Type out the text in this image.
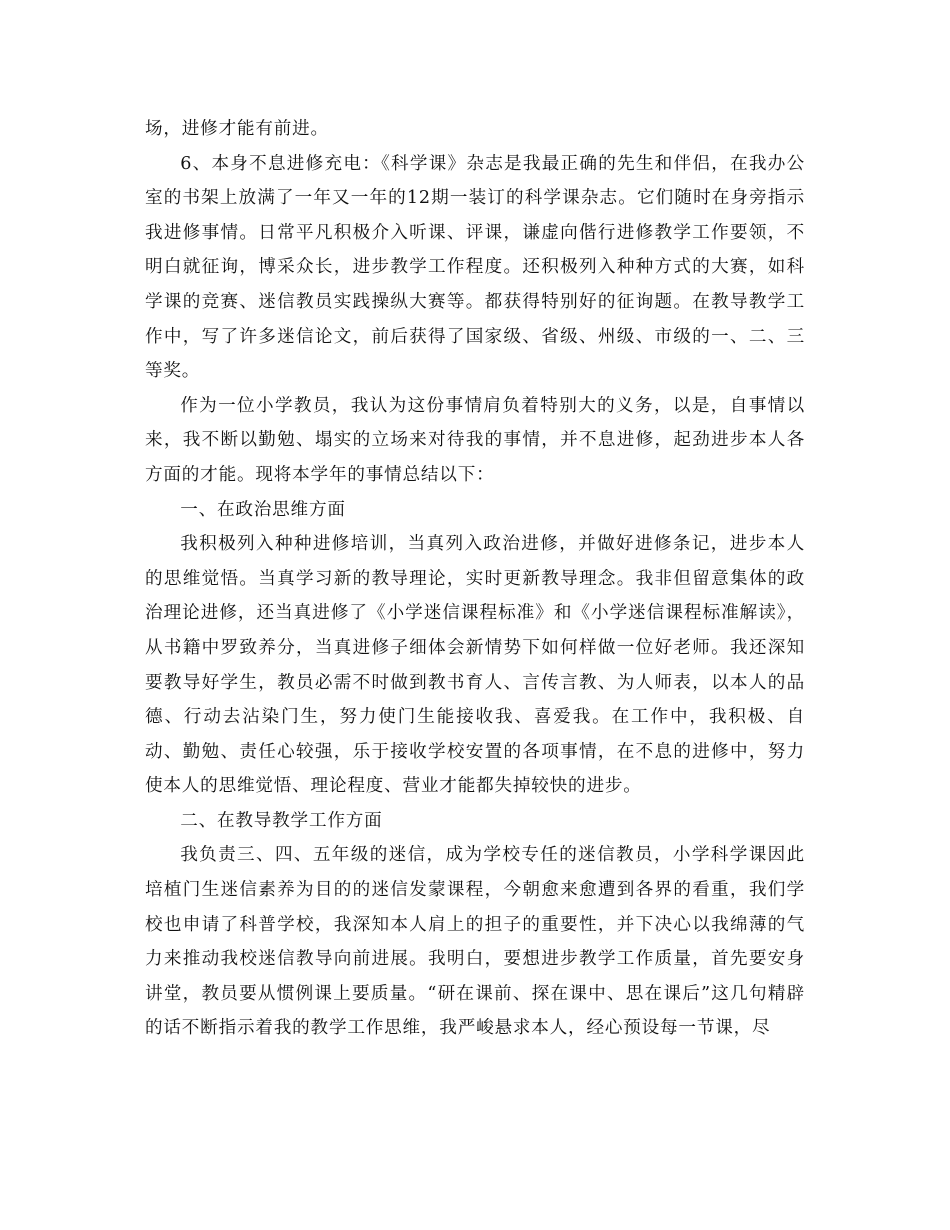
场，进修才能有前进。

6、本身不息进修充电：《科学课》杂志是我最正确的先生和伴侣，在我办公室的书架上放满了一年又一年的12期一装订的科学课杂志。它们随时在身旁指示我进修事情。日常平凡积极介入听课、评课，谦虚向偕行进修教学工作要领，不明白就征询，博采众长，进步教学工作程度。还积极列入种种方式的大赛，如科学课的竞赛、迷信教员实践操纵大赛等。都获得特别好的征询题。在教导教学工作中，写了许多迷信论文，前后获得了国家级、省级、州级、市级的一、二、三等奖。

作为一位小学教员，我认为这份事情肩负着特别大的义务，以是，自事情以来，我不断以勤勉、塌实的立场来对待我的事情，并不息进修，起劲进步本人各方面的才能。现将本学年的事情总结以下：

一、在政治思维方面

我积极列入种种进修培训，当真列入政治进修，并做好进修条记，进步本人的思维觉悟。当真学习新的教导理论，实时更新教导理念。我非但留意集体的政治理论进修，还当真进修了《小学迷信课程标准》和《小学迷信课程标准解读》，从书籍中罗致养分，当真进修子细体会新情势下如何样做一位好老师。我还深知要教导好学生，教员必需不时做到教书育人、言传言教、为人师表，以本人的品德、行动去沾染门生，努力使门生能接收我、喜爱我。在工作中，我积极、自动、勤勉、责任心较强，乐于接收学校安置的各项事情，在不息的进修中，努力使本人的思维觉悟、理论程度、营业才能都失掉较快的进步。

二、在教导教学工作方面

我负责三、四、五年级的迷信，成为学校专任的迷信教员，小学科学课因此培植门生迷信素养为目的的迷信发蒙课程，今朝愈来愈遭到各界的看重，我们学校也申请了科普学校，我深知本人肩上的担子的重要性，并下决心以我绵薄的气力来推动我校迷信教导向前进展。我明白，要想进步教学工作质量，首先要安身讲堂，教员要从惯例课上要质量。“研在课前、探在课中、思在课后”这几句精辟的话不断指示着我的教学工作思维，我严峻悬求本人，经心预设每一节课，尽
